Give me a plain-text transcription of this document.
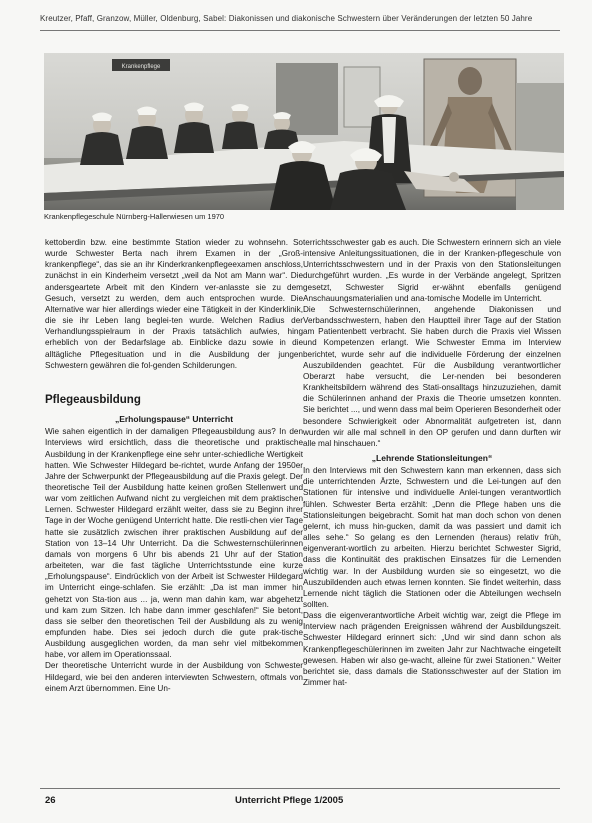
Kreutzer, Pfaff, Granzow, Müller, Oldenburg, Sabel: Diakonissen und diakonische Schwestern über Veränderungen der letzten 50 Jahre
Krankenpflege
Krankenpflegeschule Nürnberg-Hallerwiesen um 1970

kettoberdin bzw. eine bestimmte Station wieder zu wohnsehn. So wurde Schwester Berta nach ihrem Examen in der „Groß-krankenpflege“, das sie an ihr Kinderkrankenpflegeexamen anschloss, zunächst in ein Kinderheim versetzt „weil da Not am Mann war“. Die andersgeartete Arbeit mit den Kindern ver-anlasste sie zu dem Gesuch, versetzt zu werden, dem auch entsprochen wurde. Die Alternative war hier allerdings wieder eine Tätigkeit in der Kinderklinik, die sie ihr Leben lang beglei-ten wurde. Welchen Radius der Verhandlungsspielraum in der Praxis tatsächlich aufwies, hing erheblich von der Bedarfslage ab. Einblicke dazu sowie in die alltägliche Pflegesituation und in die Ausbildung der jungen Schwestern gewähren die fol-genden Schilderungen.

Pflegeausbildung
„Erholungspause“ Unterricht

Wie sahen eigentlich in der damaligen Pflegeausbildung aus? In den Interviews wird ersichtlich, dass die theoretische und praktische Ausbildung in der Krankenpflege eine sehr unter-schiedliche Wertigkeit hatten. Wie Schwester Hildegard be-richtet, wurde Anfang der 1950er Jahre der Schwerpunkt der Pflegeausbildung auf die Praxis gelegt. Der theoretische Teil der Ausbildung hatte keinen großen Stellenwert und war vom zeitlichen Aufwand nicht zu vergleichen mit dem praktischen Lernen. Schwester Hildegard erzählt weiter, dass sie zu Beginn ihrer Tage in der Woche genügend Unterricht hatte. Die restli-chen vier Tage hatte sie zusätzlich zwischen ihrer praktischen Ausbildung auf der Station von 13–14 Uhr Unterricht. Da die Schwesternschülerinnen damals von morgens 6 Uhr bis abends 21 Uhr auf der Station arbeiteten, war die fast tägliche Unterrichtsstunde eine kurze „Erholungspause“. Eindrücklich von der Arbeit ist Schwester Hildegard im Unterricht einge-schlafen. Sie erzählt: „Da ist man immer hin gehetzt von Sta-tion aus ... ja, wenn man dahin kam, war abgehetzt und kam zum Sitzen. Ich habe dann immer geschlafen!“ Sie betont, dass sie selber den theoretischen Teil der Ausbildung als zu wenig empfunden habe. Dies sei jedoch durch die gute prak-tische Ausbildung ausgeglichen worden, da man sehr viel mitbekommen habe, vor allem im Operationssaal.

Der theoretische Unterricht wurde in der Ausbildung von Schwester Hildegard, wie bei den anderen interviewten Schwestern, oftmals von einem Arzt übernommen. Eine Un-

terrichtsschwester gab es auch. Die Schwestern erinnern sich an viele intensive Anleitungssituationen, die in der Kranken-pflegeschule von Unterrichtsschwestern und in der Praxis von den Stationsleitungen durchgeführt wurden. „Es wurde in der Verbände angelegt, Spritzen gesetzt, Schwester Sigrid er-wähnt ebenfalls genügend Anschauungsmaterialien und ana-tomische Modelle im Unterricht.

Die Schwesternschülerinnen, angehende Diakonissen und Verbandsschwestern, haben den Hauptteil ihrer Tage auf der Station am Patientenbett verbracht. Sie haben durch die Praxis viel Wissen und Kompetenzen erlangt. Wie Schwester Emma im Interview berichtet, wurde sehr auf die individuelle Förderung der einzelnen Auszubildenden geachtet. Für die Ausbildung verantwortlicher Oberarzt habe versucht, die Ler-nenden bei besonderen Krankheitsbildern während des Stati-onsalltags hinzuzuziehen, damit die Schülerinnen anhand der Praxis die Theorie umsetzen konnten. Sie berichtet ..., und wenn dass mal beim Operieren Besonderheit oder besondere Schwierigkeit oder Abnormalität aufgetreten ist, dann wurden wir alle mal schnell in den OP gerufen und dann durften wir alle mal hinschauen.“

„Lehrende Stationsleitungen“

In den Interviews mit den Schwestern kann man erkennen, dass sich die unterrichtenden Ärzte, Schwestern und die Lei-tungen auf den Stationen für intensive und individuelle Anlei-tungen verantwortlich fühlen. Schwester Berta erzählt: „Denn die Pflege haben uns die Stationsleitungen beigebracht. Somit hat man doch schon von denen gelernt, ich muss hin-gucken, damit da was passiert und damit ich alles sehe.“ So gelang es den Lernenden (heraus) relativ früh, eigenverant-wortlich zu arbeiten. Hierzu berichtet Schwester Sigrid, dass die Kontinuität des praktischen Einsatzes für die Lernenden wichtig war. In der Ausbildung wurden sie so eingesetzt, wo die Auszubildenden auch etwas lernen konnten. Sie findet weiterhin, dass Lernende nicht täglich die Stationen oder die Abteilungen wechseln sollten.

Dass die eigenverantwortliche Arbeit wichtig war, zeigt die Pflege im Interview nach prägenden Ereignissen während der Ausbildungszeit. Schwester Hildegard erinnert sich: „Und wir sind dann schon als Krankenpflegeschülerinnen im zweiten Jahr zur Nachtwache eingeteilt gewesen. Haben wir also ge-wacht, alleine für zwei Stationen.“ Weiter berichtet sie, dass damals die Stationsschwester auf der Station im Zimmer hat-

26	Unterricht Pflege 1/2005
